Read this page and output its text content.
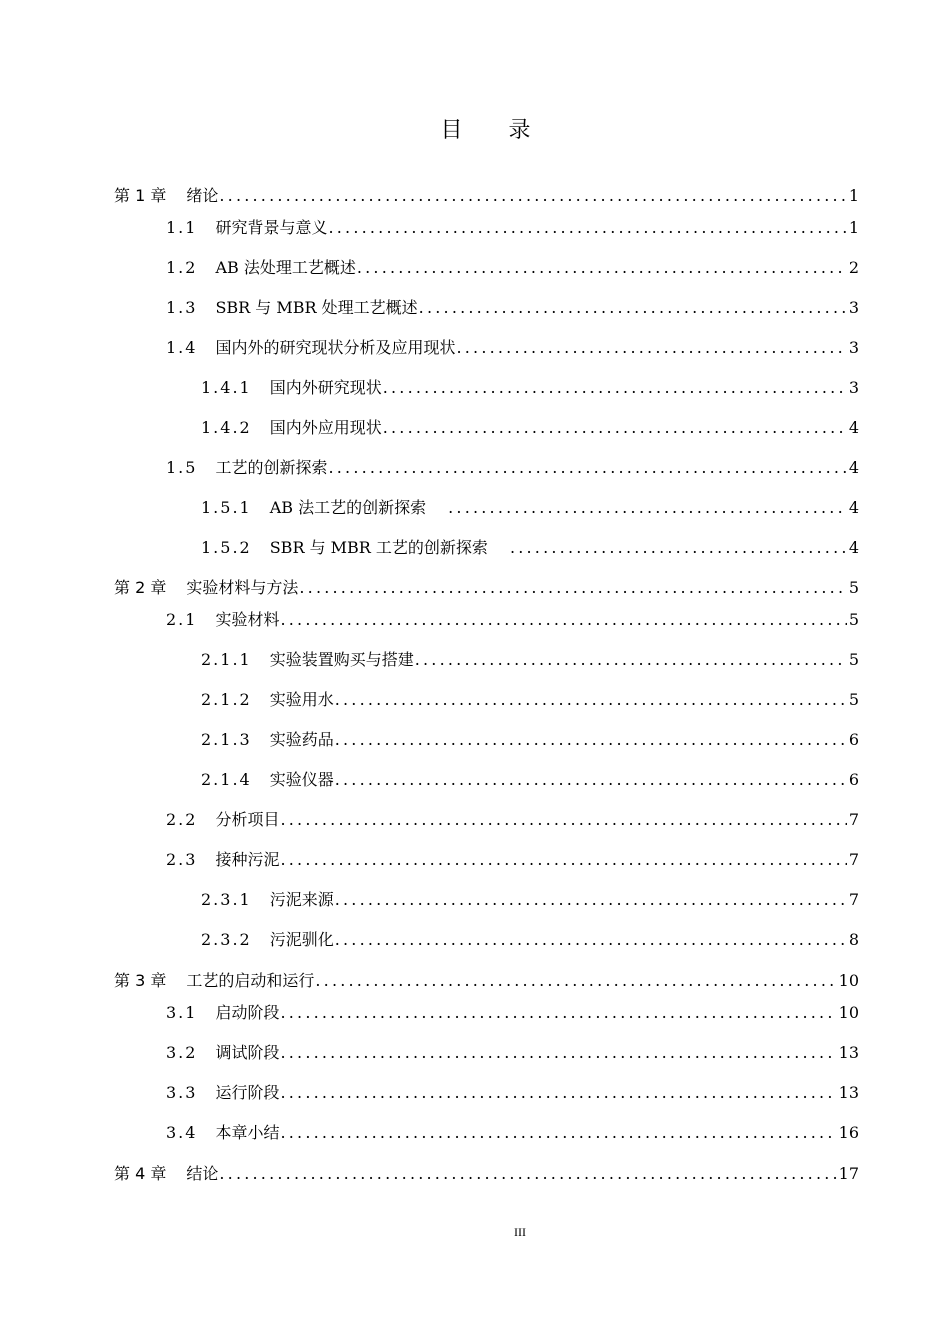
目 录
第 1 章 绪论 .....	1
1.1 研究背景与意义 .....	1
1.2 AB 法处理工艺概述 .....	2
1.3 SBR 与 MBR 处理工艺概述 .....	3
1.4 国内外的研究现状分析及应用现状 .....	3
1.4.1 国内外研究现状 .....	3
1.4.2 国内外应用现状 .....	4
1.5 工艺的创新探索 .....	4
1.5.1 AB 法工艺的创新探索 .....	4
1.5.2 SBR 与 MBR 工艺的创新探索 .....	4
第 2 章 实验材料与方法 .....	5
2.1 实验材料 .....	5
2.1.1 实验装置购买与搭建 .....	5
2.1.2 实验用水 .....	5
2.1.3 实验药品 .....	6
2.1.4 实验仪器 .....	6
2.2 分析项目 .....	7
2.3 接种污泥 .....	7
2.3.1 污泥来源 .....	7
2.3.2 污泥驯化 .....	8
第 3 章 工艺的启动和运行 .....	10
3.1 启动阶段 .....	10
3.2 调试阶段 .....	13
3.3 运行阶段 .....	13
3.4 本章小结 .....	16
第 4 章 结论 .....	17
III
